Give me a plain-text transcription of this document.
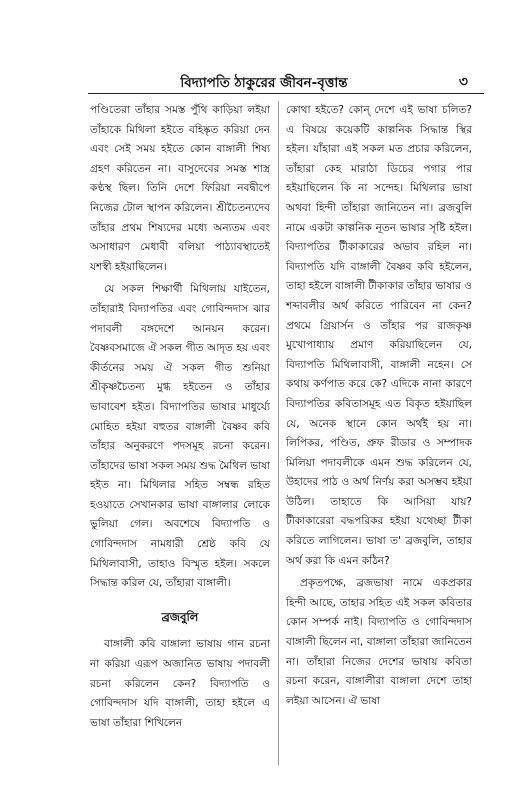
বিদ্যাপতি ঠাকুরের জীবন-বৃত্তান্ত	৩

পণ্ডিতেরা তাঁহার সমস্ত পুঁথি কাড়িয়া লইয়া তাঁহাকে মিথিলা হইতে বহিষ্কৃত করিয়া দেন এবং সেই সময় হইতে কোন বাঙ্গালী শিষ্য গ্রহণ করিতেন না। বাসুদেবের সমস্ত শাস্ত্র কণ্ঠস্থ ছিল। তিনি দেশে ফিরিয়া নবদ্বীপে নিজের টোল স্থাপন করিলেন। শ্রীচৈতন্যদেব তাঁহার প্রথম শিষ্যদের মধ্যে অন্যতম এবং অসাধারণ মেধাবী বলিয়া পাঠ্যাবস্থাতেই যশস্বী হইয়াছিলেন।

যে সকল শিক্ষার্থী মিথিলায় যাইতেন, তাঁহারাই বিদ্যাপতির এবং গোবিন্দদাস ঝার পদাবলী বঙ্গদেশে আনয়ন করেন। বৈষ্ণবসমাজে ঐ সকল গীত আদৃত হয় এবং কীর্তনের সময় ঐ সকল গীত শুনিয়া শ্রীকৃষ্ণচৈতন্য মুগ্ধ হইতেন ও তাঁহার ভাবাবেশ হইত। বিদ্যাপতির ভাষার মাধুর্য্যে মোহিত হইয়া বহুতর বাঙ্গালী বৈষ্ণব কবি তাঁহার অনুকরণে পদসমূহ রচনা করেন। তাঁহাদের ভাষা সকল সময় শুদ্ধ মৈথিল ভাষা হইত না। মিথিলার সহিত সম্বন্ধ রহিত হওয়াতে সেখানকার ভাষা বাঙ্গালার লোকে ভুলিয়া গেল। অবশেষে বিদ্যাপতি ও গোবিন্দদাস নামধারী শ্রেষ্ঠ কবি যে মিথিলাবাসী, তাহাও বিস্মৃত হইল। সকলে সিদ্ধান্ত করিল যে, তাঁহারা বাঙ্গালী।

ব্রজবুলি

বাঙ্গালী কবি বাঙ্গালা ভাষায় গান রচনা না করিয়া এরূপ অজানিত ভাষায় পদাবলী রচনা করিলেন কেন? বিদ্যাপতি ও গোবিন্দদাস যদি বাঙ্গালী, তাহা হইলে এ ভাষা তাঁহারা শিখিলেন

কোথা হইতে? কোন্ দেশে এই ভাষা চলিত? এ বিষয়ে কয়েকটি কাল্পনিক সিদ্ধান্ত স্থির হইল। যাঁহারা এই সকল মত প্রচার করিলেন, তাঁহারা কেহ মারাঠা ডিচের পগার পার হইয়াছিলেন কি না সন্দেহ। মিথিলার ভাষা অথবা হিন্দী তাঁহারা জানিতেন না। ব্রজবুলি নামে একটা কাল্পনিক নূতন ভাষার সৃষ্টি হইল। বিদ্যাপতির টীকাকারের অভাব রহিল না। বিদ্যাপতি যদি বাঙ্গালী বৈষ্ণব কবি হইলেন, তাহা হইলে বাঙ্গালী টীকাকার তাঁহার ভাষার ও শব্দাবলীর অর্থ করিতে পারিবেন না কেন? প্রথমে গ্রিয়ার্সন ও তাঁহার পর রাজকৃষ্ণ মুখোপাধ্যায় প্রমাণ করিয়াছিলেন যে, বিদ্যাপতি মিথিলাবাসী, বাঙ্গালী নহেন। সে কথায় কর্ণপাত করে কে? এদিকে নানা কারণে বিদ্যাপতির কবিতাসমূহ এত বিকৃত হইয়াছিল যে, অনেক স্থানে কোন অর্থই হয় না। লিপিকর, পণ্ডিত, প্রুফ রীডার ও সম্পাদক মিলিয়া পদাবলীকে এমন শুদ্ধ করিলেন যে, উহাদের পাঠ ও অর্থ নির্ণয় করা অসম্ভব হইয়া উঠিল। তাহাতে কি আসিয়া যায়? টীকাকারেরা বদ্ধপরিকর হইয়া যথেচ্ছা টীকা করিতে লাগিলেন। ভাষা ত' ব্রজবুলি, তাহার অর্থ করা কি এমন কঠিন?

প্রকৃতপক্ষে, ব্রজভাষা নামে একপ্রকার হিন্দী আছে, তাহার সহিত এই সকল কবিতার কোন সম্পর্ক নাই। বিদ্যাপতি ও গোবিন্দদাস বাঙ্গালী ছিলেন না, বাঙ্গালা তাঁহারা জানিতেন না। তাঁহারা নিজের দেশের ভাষায় কবিতা রচনা করেন, বাঙ্গালীরা বাঙ্গালা দেশে তাহা লইয়া আসেন। ঐ ভাষা
